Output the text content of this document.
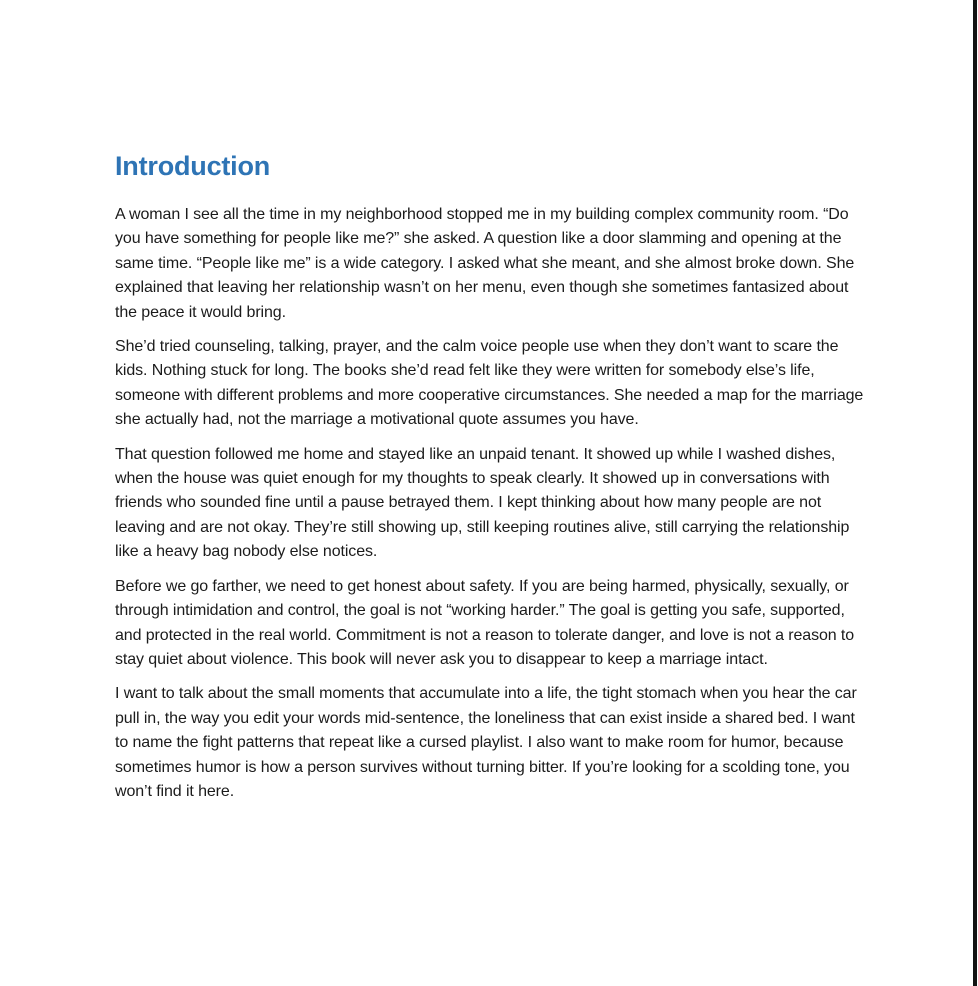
Introduction

A woman I see all the time in my neighborhood stopped me in my building complex community room. “Do you have something for people like me?” she asked. A question like a door slamming and opening at the same time. “People like me” is a wide category. I asked what she meant, and she almost broke down. She explained that leaving her relationship wasn’t on her menu, even though she sometimes fantasized about the peace it would bring.

She’d tried counseling, talking, prayer, and the calm voice people use when they don’t want to scare the kids. Nothing stuck for long. The books she’d read felt like they were written for somebody else’s life, someone with different problems and more cooperative circumstances. She needed a map for the marriage she actually had, not the marriage a motivational quote assumes you have.

That question followed me home and stayed like an unpaid tenant. It showed up while I washed dishes, when the house was quiet enough for my thoughts to speak clearly. It showed up in conversations with friends who sounded fine until a pause betrayed them. I kept thinking about how many people are not leaving and are not okay. They’re still showing up, still keeping routines alive, still carrying the relationship like a heavy bag nobody else notices.

Before we go farther, we need to get honest about safety. If you are being harmed, physically, sexually, or through intimidation and control, the goal is not “working harder.” The goal is getting you safe, supported, and protected in the real world. Commitment is not a reason to tolerate danger, and love is not a reason to stay quiet about violence. This book will never ask you to disappear to keep a marriage intact.

I want to talk about the small moments that accumulate into a life, the tight stomach when you hear the car pull in, the way you edit your words mid-sentence, the loneliness that can exist inside a shared bed. I want to name the fight patterns that repeat like a cursed playlist. I also want to make room for humor, because sometimes humor is how a person survives without turning bitter. If you’re looking for a scolding tone, you won’t find it here.
